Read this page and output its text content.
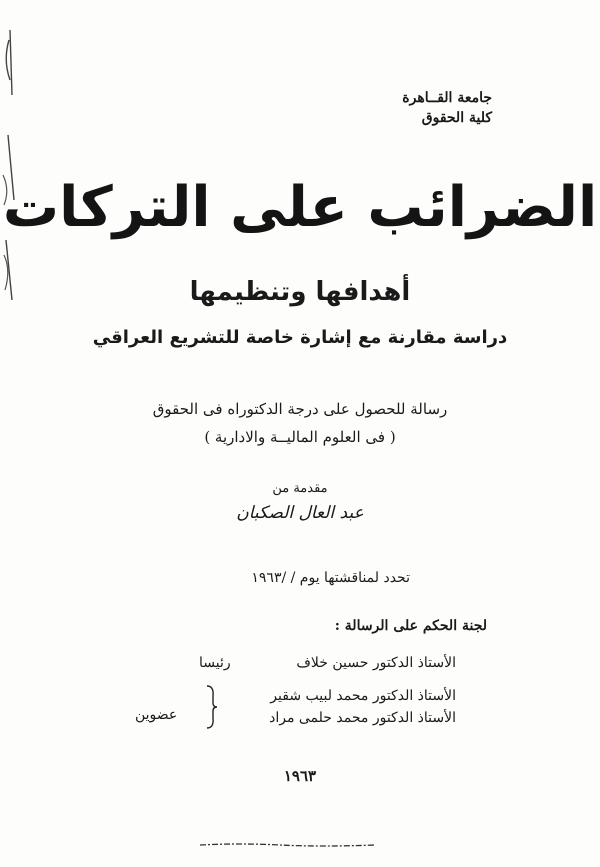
جامعة القــاهرة
كلية الحقوق
الضرائب على التركات
أهدافها وتنظيمها
دراسة مقارنة مع إشارة خاصة للتشريع العراقي
رسالة للحصول على درجة الدكتوراه فى الحقوق
( فى العلوم الماليــة والادارية )
مقدمة من
عبد العال الصكبان
تحدد لمناقشتها يوم / /١٩٦٣
لجنة الحكم على الرسالة :
الأستاذ الدكتور حسين خلاف
رئيسا
الأستاذ الدكتور محمد لبيب شقير
الأستاذ الدكتور محمد حلمى مراد
عضوين
١٩٦٣
